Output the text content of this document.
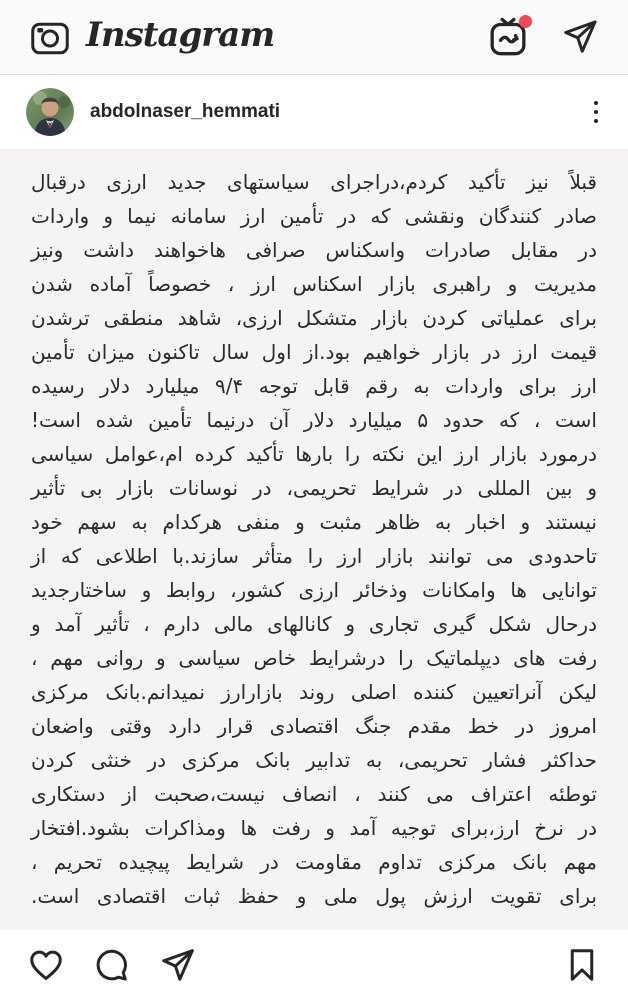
Instagram
abdolnaser_hemmati
قبلاً نیز تأکید کردم،دراجرای سیاستهای جدید ارزی درقبال
صادر کنندگان ونقشی که در تأمین ارز سامانه نیما و واردات
در مقابل صادرات واسکناس صرافی هاخواهند داشت ونیز
مدیریت و راهبری بازار اسکناس ارز ، خصوصاً آماده شدن
برای عملیاتی کردن بازار متشکل ارزی، شاهد منطقی ترشدن
قیمت ارز در بازار خواهیم بود.از اول سال تاکنون میزان تأمین
ارز برای واردات به رقم قابل توجه ۹/۴ میلیارد دلار رسیده
است ، که حدود ۵ میلیارد دلار آن درنیما تأمین شده است!
درمورد بازار ارز این نکته را بارها تأکید کرده ام،عوامل سیاسی
و بین المللی در شرایط تحریمی، در نوسانات بازار بی تأثیر
نیستند و اخبار به ظاهر مثبت و منفی هرکدام به سهم خود
تاحدودی می توانند بازار ارز را متأثر سازند.با اطلاعی که از
توانایی ها وامکانات وذخائر ارزی کشور، روابط و ساختارجدید
درحال شکل گیری تجاری و کانالهای مالی دارم ، تأثیر آمد و
رفت های دیپلماتیک را درشرایط خاص سیاسی و روانی مهم ،
لیکن آنراتعیین کننده اصلی روند بازارارز نمیدانم.بانک مرکزی
امروز در خط مقدم جنگ اقتصادی قرار دارد وقتی واضعان
حداکثر فشار تحریمی، به تدابیر بانک مرکزی در خنثی کردن
توطئه اعتراف می کنند ، انصاف نیست،صحبت از دستکاری
در نرخ ارز،برای توجیه آمد و رفت ها ومذاکرات بشود.افتخار
مهم بانک مرکزی تداوم مقاومت در شرایط پیچیده تحریم ،
برای تقویت ارزش پول ملی و حفظ ثبات اقتصادی است.
